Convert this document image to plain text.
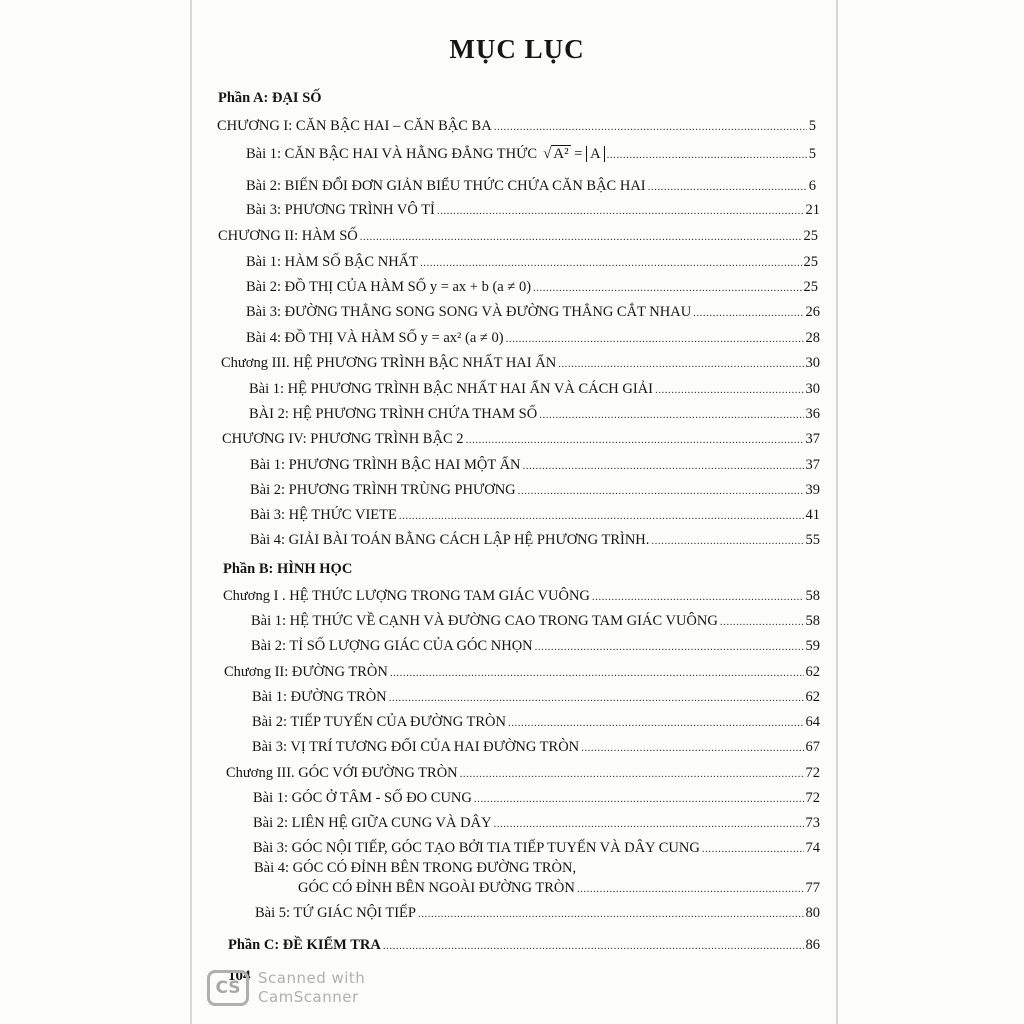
MỤC LỤC
Phần A: ĐẠI SỐ
CHƯƠNG I: CĂN BẬC HAI – CĂN BẬC BA .....	5
Bài 1: CĂN BẬC HAI VÀ HẰNG ĐẲNG THỨC √ A² = A .....	5
Bài 2: BIẾN ĐỔI ĐƠN GIẢN BIỂU THỨC CHỨA CĂN BẬC HAI .....	6
Bài 3: PHƯƠNG TRÌNH VÔ TỈ .....	21
CHƯƠNG II: HÀM SỐ .....	25
Bài 1: HÀM SỐ BẬC NHẤT .....	25
Bài 2: ĐỒ THỊ CỦA HÀM SỐ y = ax + b (a ≠ 0) .....	25
Bài 3: ĐƯỜNG THẲNG SONG SONG VÀ ĐƯỜNG THẲNG CẮT NHAU .....	26
Bài 4: ĐỒ THỊ VÀ HÀM SỐ y = ax² (a ≠ 0) .....	28
Chương III. HỆ PHƯƠNG TRÌNH BẬC NHẤT HAI ẨN .....	30
Bài 1: HỆ PHƯƠNG TRÌNH BẬC NHẤT HAI ẨN VÀ CÁCH GIẢI .....	30
BÀI 2: HỆ PHƯƠNG TRÌNH CHỨA THAM SỐ .....	36
CHƯƠNG IV: PHƯƠNG TRÌNH BẬC 2 .....	37
Bài 1: PHƯƠNG TRÌNH BẬC HAI MỘT ẨN .....	37
Bài 2: PHƯƠNG TRÌNH TRÙNG PHƯƠNG .....	39
Bài 3: HỆ THỨC VIETE .....	41
Bài 4: GIẢI BÀI TOÁN BẰNG CÁCH LẬP HỆ PHƯƠNG TRÌNH. .....	55
Phần B: HÌNH HỌC
Chương I . HỆ THỨC LƯỢNG TRONG TAM GIÁC VUÔNG .....	58
Bài 1: HỆ THỨC VỀ CẠNH VÀ ĐƯỜNG CAO TRONG TAM GIÁC VUÔNG .....	58
Bài 2: TỈ SỐ LƯỢNG GIÁC CỦA GÓC NHỌN .....	59
Chương II: ĐƯỜNG TRÒN .....	62
Bài 1: ĐƯỜNG TRÒN .....	62
Bài 2: TIẾP TUYẾN CỦA ĐƯỜNG TRÒN .....	64
Bài 3: VỊ TRÍ TƯƠNG ĐỐI CỦA HAI ĐƯỜNG TRÒN .....	67
Chương III. GÓC VỚI ĐƯỜNG TRÒN .....	72
Bài 1: GÓC Ở TÂM - SỐ ĐO CUNG .....	72
Bài 2: LIÊN HỆ GIỮA CUNG VÀ DÂY .....	73
Bài 3: GÓC NỘI TIẾP, GÓC TẠO BỞI TIA TIẾP TUYẾN VÀ DÂY CUNG .....	74
Bài 4: GÓC CÓ ĐỈNH BÊN TRONG ĐƯỜNG TRÒN,
GÓC CÓ ĐỈNH BÊN NGOÀI ĐƯỜNG TRÒN .....	77
Bài 5: TỨ GIÁC NỘI TIẾP .....	80
Phần C: ĐỀ KIỂM TRA .....	86
104
CS	Scanned with
CamScanner
